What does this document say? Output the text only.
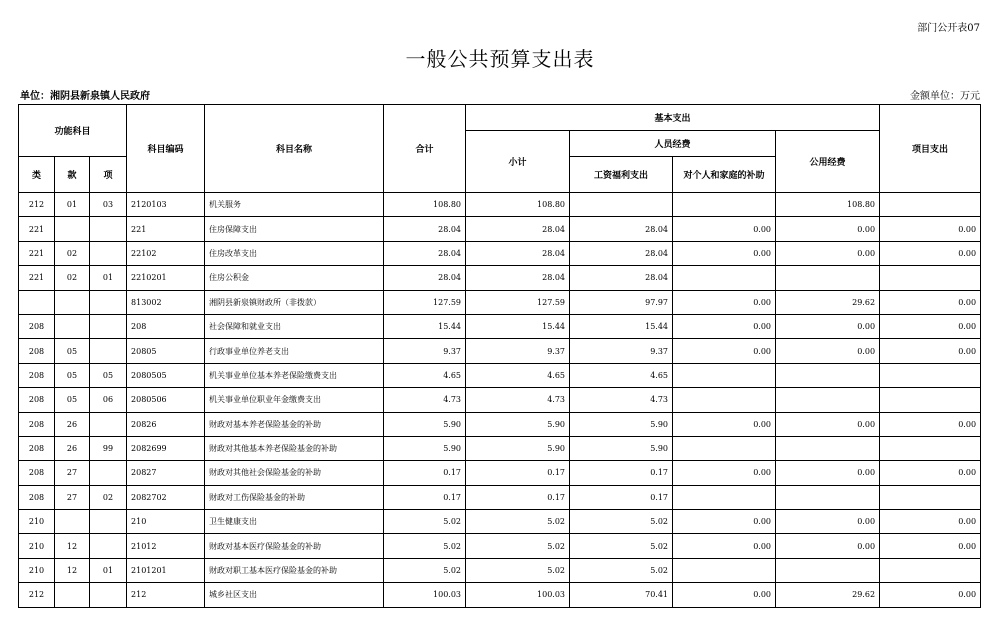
部门公开表07
一般公共预算支出表
单位：湘阴县新泉镇人民政府	金额单位：万元
功能科目			科目编码	科目名称	合计	基本支出				项目支出
						小计	人员经费		公用经费	
类	款	项					工资福利支出	对个人和家庭的补助		
212	01	03	2120103	机关服务	108.80	108.80			108.80	
221			221	住房保障支出	28.04	28.04	28.04	0.00	0.00	0.00
221	02		22102	住房改革支出	28.04	28.04	28.04	0.00	0.00	0.00
221	02	01	2210201	住房公积金	28.04	28.04	28.04			
			813002	湘阴县新泉镇财政所（非拨款）	127.59	127.59	97.97	0.00	29.62	0.00
208			208	社会保障和就业支出	15.44	15.44	15.44	0.00	0.00	0.00
208	05		20805	行政事业单位养老支出	9.37	9.37	9.37	0.00	0.00	0.00
208	05	05	2080505	机关事业单位基本养老保险缴费支出	4.65	4.65	4.65			
208	05	06	2080506	机关事业单位职业年金缴费支出	4.73	4.73	4.73			
208	26		20826	财政对基本养老保险基金的补助	5.90	5.90	5.90	0.00	0.00	0.00
208	26	99	2082699	财政对其他基本养老保险基金的补助	5.90	5.90	5.90			
208	27		20827	财政对其他社会保险基金的补助	0.17	0.17	0.17	0.00	0.00	0.00
208	27	02	2082702	财政对工伤保险基金的补助	0.17	0.17	0.17			
210			210	卫生健康支出	5.02	5.02	5.02	0.00	0.00	0.00
210	12		21012	财政对基本医疗保险基金的补助	5.02	5.02	5.02	0.00	0.00	0.00
210	12	01	2101201	财政对职工基本医疗保险基金的补助	5.02	5.02	5.02			
212			212	城乡社区支出	100.03	100.03	70.41	0.00	29.62	0.00
